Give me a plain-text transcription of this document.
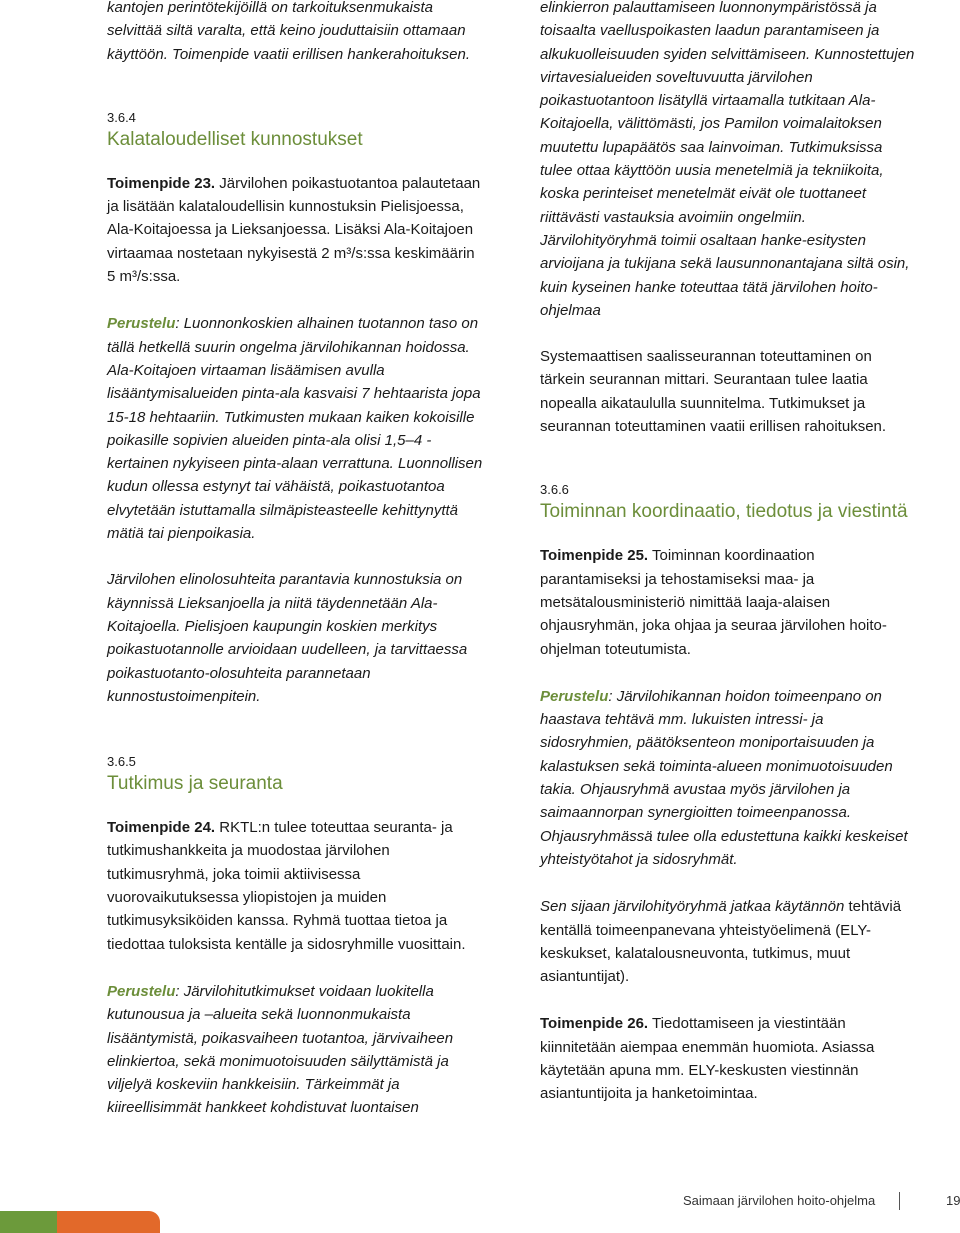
kantojen perintötekijöillä on tarkoituksenmukaista selvittää siltä varalta, että keino jouduttaisiin ottamaan käyttöön. Toimenpide vaatii erillisen hankerahoituksen.

3.6.4

Kalataloudelliset kunnostukset

Toimenpide 23. Järvilohen poikastuotantoa palautetaan ja lisätään kalataloudellisin kunnostuksin Pielisjoessa, Ala-Koitajoessa ja Lieksanjoessa. Lisäksi Ala-Koitajoen virtaamaa nostetaan nykyisestä 2 m³/s:ssa keskimäärin 5 m³/s:ssa.

Perustelu: Luonnonkoskien alhainen tuotannon taso on tällä hetkellä suurin ongelma järvilohikannan hoidossa. Ala-Koitajoen virtaaman lisäämisen avulla lisääntymisalueiden pinta-ala kasvaisi 7 hehtaarista jopa 15-18 hehtaariin. Tutkimusten mukaan kaiken kokoisille poikasille sopivien alueiden pinta-ala olisi 1,5–4 -kertainen nykyiseen pinta-alaan verrattuna. Luonnollisen kudun ollessa estynyt tai vähäistä, poikastuotantoa elvytetään istuttamalla silmäpisteasteelle kehittynyttä mätiä tai pienpoikasia.

Järvilohen elinolosuhteita parantavia kunnostuksia on käynnissä Lieksanjoella ja niitä täydennetään Ala-Koitajoella. Pielisjoen kaupungin koskien merkitys poikastuotannolle arvioidaan uudelleen, ja tarvittaessa poikastuotanto-olosuhteita parannetaan kunnostustoimenpitein.

3.6.5

Tutkimus ja seuranta

Toimenpide 24. RKTL:n tulee toteuttaa seuranta- ja tutkimushankkeita ja muodostaa järvilohen tutkimusryhmä, joka toimii aktiivisessa vuorovaikutuksessa yliopistojen ja muiden tutkimusyksiköiden kanssa. Ryhmä tuottaa tietoa ja tiedottaa tuloksista kentälle ja sidosryhmille vuosittain.

Perustelu: Järvilohitutkimukset voidaan luokitella kutunousua ja –alueita sekä luonnonmukaista lisääntymistä, poikasvaiheen tuotantoa, järvivaiheen elinkiertoa, sekä monimuotoisuuden säilyttämistä ja viljelyä koskeviin hankkeisiin. Tärkeimmät ja kiireellisimmät hankkeet kohdistuvat luontaisen

elinkierron palauttamiseen luonnonympäristössä ja toisaalta vaelluspoikasten laadun parantamiseen ja alkukuolleisuuden syiden selvittämiseen. Kunnostettujen virtavesialueiden soveltuvuutta järvilohen poikastuotantoon lisätyllä virtaamalla tutkitaan Ala-Koitajoella, välittömästi, jos Pamilon voimalaitoksen muutettu lupapäätös saa lainvoiman. Tutkimuksissa tulee ottaa käyttöön uusia menetelmiä ja tekniikoita, koska perinteiset menetelmät eivät ole tuottaneet riittävästi vastauksia avoimiin ongelmiin. Järvilohityöryhmä toimii osaltaan hanke-esitysten arvioijana ja tukijana sekä lausunnonantajana siltä osin, kuin kyseinen hanke toteuttaa tätä järvilohen hoito-ohjelmaa

Systemaattisen saalisseurannan toteuttaminen on tärkein seurannan mittari. Seurantaan tulee laatia nopealla aikataululla suunnitelma. Tutkimukset ja seurannan toteuttaminen vaatii erillisen rahoituksen.

3.6.6

Toiminnan koordinaatio, tiedotus ja viestintä

Toimenpide 25. Toiminnan koordinaation parantamiseksi ja tehostamiseksi maa- ja metsätalousministeriö nimittää laaja-alaisen ohjausryhmän, joka ohjaa ja seuraa järvilohen hoito-ohjelman toteutumista.

Perustelu: Järvilohikannan hoidon toimeenpano on haastava tehtävä mm. lukuisten intressi- ja sidosryhmien, päätöksenteon moniportaisuuden ja kalastuksen sekä toiminta-alueen monimuotoisuuden takia. Ohjausryhmä avustaa myös järvilohen ja saimaannorpan synergioitten toimeenpanossa. Ohjausryhmässä tulee olla edustettuna kaikki keskeiset yhteistyötahot ja sidosryhmät.

Sen sijaan järvilohityöryhmä jatkaa käytännön tehtäviä kentällä toimeenpanevana yhteistyöelimenä (ELY-keskukset, kalatalousneuvonta, tutkimus, muut asiantuntijat).

Toimenpide 26. Tiedottamiseen ja viestintään kiinnitetään aiempaa enemmän huomiota. Asiassa käytetään apuna mm. ELY-keskusten viestinnän asiantuntijoita ja hanketoimintaa.

Saimaan järvilohen hoito-ohjelma	19
